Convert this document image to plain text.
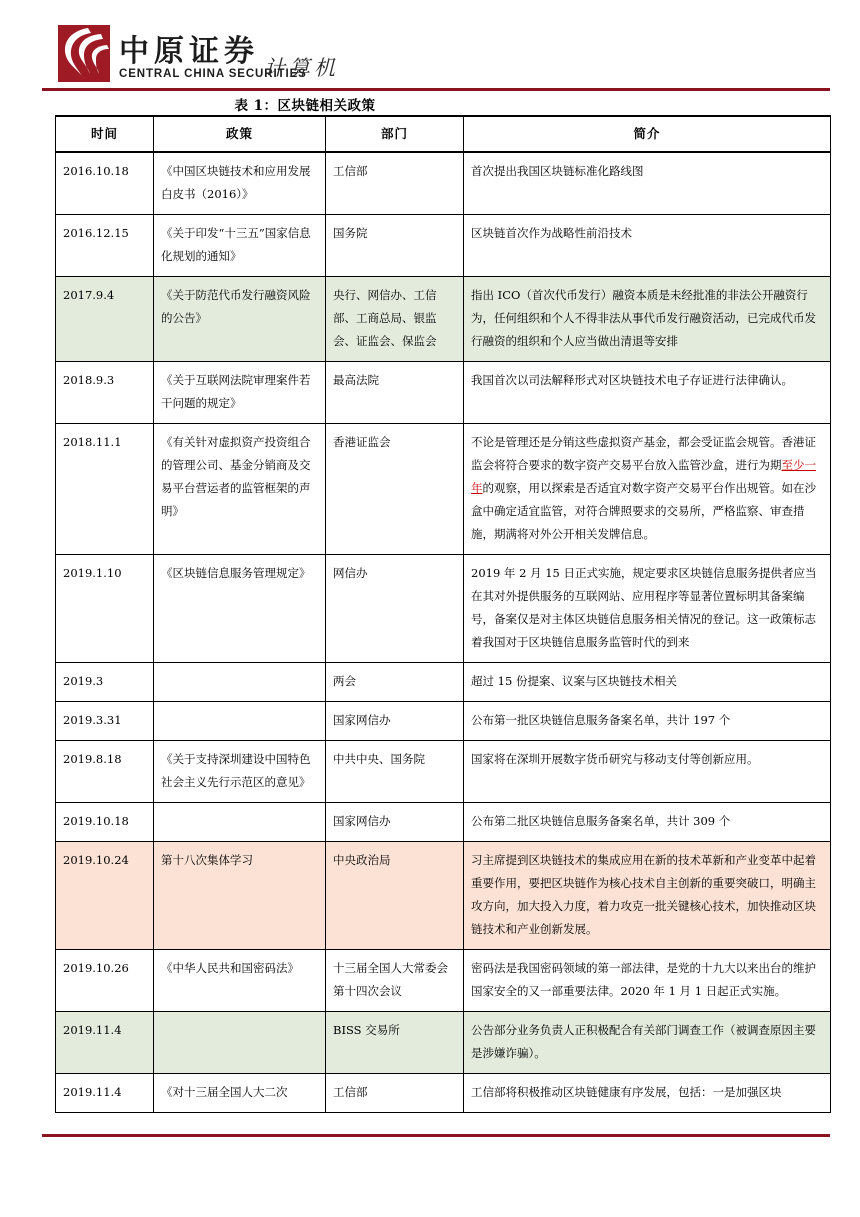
中原证券
CENTRAL CHINA SECURITIES
计算机
表 1：区块链相关政策
时间	政策	部门	简介
2016.10.18	《中国区块链技术和应用发展白皮书（2016）》	工信部	首次提出我国区块链标准化路线图
2016.12.15	《关于印发“十三五”国家信息化规划的通知》	国务院	区块链首次作为战略性前沿技术
2017.9.4	《关于防范代币发行融资风险的公告》	央行、网信办、工信部、工商总局、银监会、证监会、保监会	指出 ICO（首次代币发行）融资本质是未经批准的非法公开融资行为，任何组织和个人不得非法从事代币发行融资活动，已完成代币发行融资的组织和个人应当做出清退等安排
2018.9.3	《关于互联网法院审理案件若干问题的规定》	最高法院	我国首次以司法解释形式对区块链技术电子存证进行法律确认。
2018.11.1	《有关针对虚拟资产投资组合的管理公司、基金分销商及交易平台营运者的监管框架的声明》	香港证监会	不论是管理还是分销这些虚拟资产基金，都会受证监会规管。香港证监会将符合要求的数字资产交易平台放入监管沙盒，进行为期至少一年的观察，用以探索是否适宜对数字资产交易平台作出规管。如在沙盒中确定适宜监管，对符合牌照要求的交易所，严格监察、审查措施，期满将对外公开相关发牌信息。
2019.1.10	《区块链信息服务管理规定》	网信办	2019 年 2 月 15 日正式实施，规定要求区块链信息服务提供者应当在其对外提供服务的互联网站、应用程序等显著位置标明其备案编号，备案仅是对主体区块链信息服务相关情况的登记。这一政策标志着我国对于区块链信息服务监管时代的到来
2019.3		两会	超过 15 份提案、议案与区块链技术相关
2019.3.31		国家网信办	公布第一批区块链信息服务备案名单，共计 197 个
2019.8.18	《关于支持深圳建设中国特色社会主义先行示范区的意见》	中共中央、国务院	国家将在深圳开展数字货币研究与移动支付等创新应用。
2019.10.18		国家网信办	公布第二批区块链信息服务备案名单，共计 309 个
2019.10.24	第十八次集体学习	中央政治局	习主席提到区块链技术的集成应用在新的技术革新和产业变革中起着重要作用，要把区块链作为核心技术自主创新的重要突破口，明确主攻方向，加大投入力度，着力攻克一批关键核心技术，加快推动区块链技术和产业创新发展。
2019.10.26	《中华人民共和国密码法》	十三届全国人大常委会第十四次会议	密码法是我国密码领域的第一部法律，是党的十九大以来出台的维护国家安全的又一部重要法律。2020 年 1 月 1 日起正式实施。
2019.11.4		BISS 交易所	公告部分业务负责人正积极配合有关部门调查工作（被调查原因主要是涉嫌诈骗）。
2019.11.4	《对十三届全国人大二次	工信部	工信部将积极推动区块链健康有序发展，包括：一是加强区块
